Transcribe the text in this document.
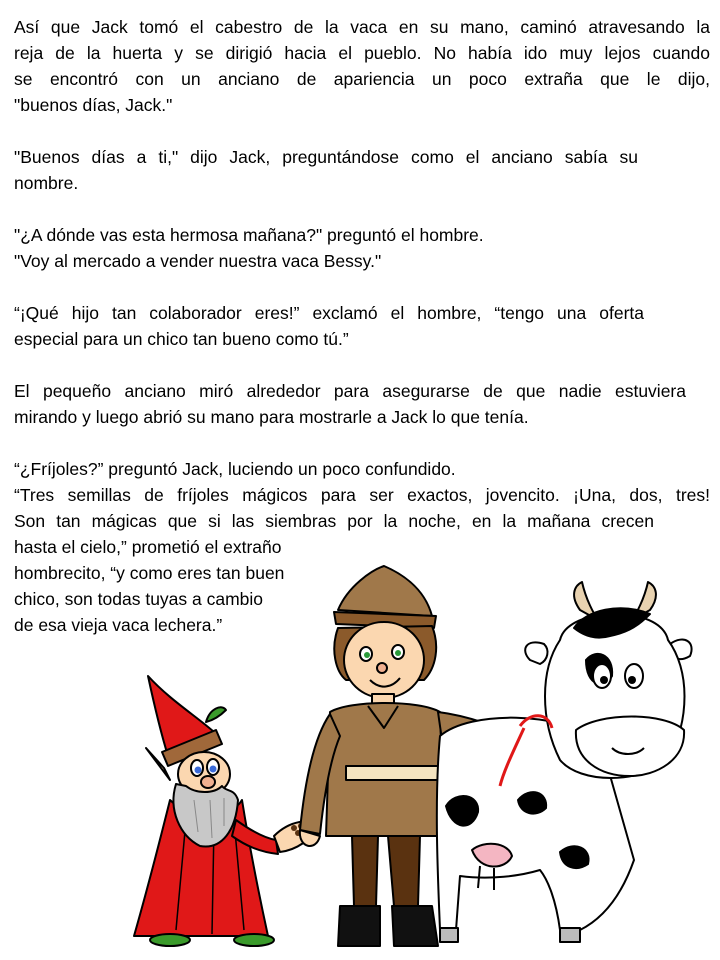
Así que Jack tomó el cabestro de la vaca en su mano, caminó atravesando la
reja de la huerta y se dirigió hacia el pueblo. No había ido muy lejos cuando
se encontró con un anciano de apariencia un poco extraña que le dijo,
"buenos días, Jack."

"Buenos días a ti," dijo Jack, preguntándose como el anciano sabía su
nombre.

"¿A dónde vas esta hermosa mañana?" preguntó el hombre.
"Voy al mercado a vender nuestra vaca Bessy."

“¡Qué hijo tan colaborador eres!” exclamó el hombre, “tengo una oferta
especial para un chico tan bueno como tú.”

El pequeño anciano miró alrededor para asegurarse de que nadie estuviera
mirando y luego abrió su mano para mostrarle a Jack lo que tenía.

“¿Fríjoles?” preguntó Jack, luciendo un poco confundido.
“Tres semillas de fríjoles mágicos para ser exactos, jovencito. ¡Una, dos, tres!
Son tan mágicas que si las siembras por la noche, en la mañana crecen
hasta el cielo,” prometió el extraño
hombrecito, “y como eres tan buen
chico, son todas tuyas a cambio
de esa vieja vaca lechera.”
